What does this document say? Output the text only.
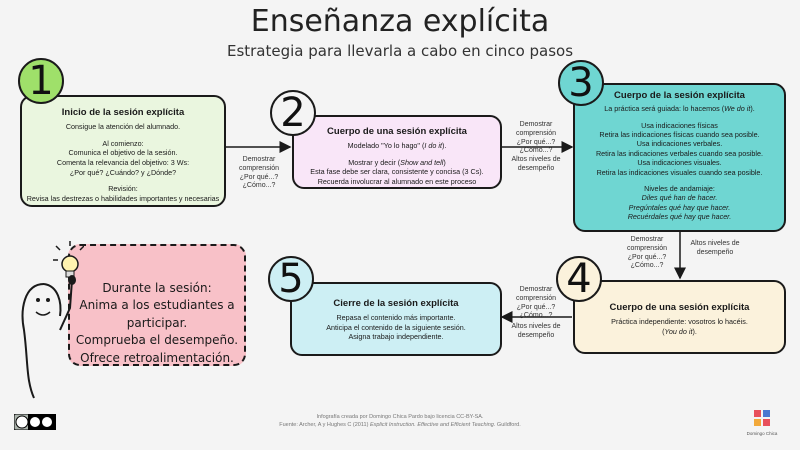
Enseñanza explícita
Estrategia para llevarla a cabo en cinco pasos
Inicio de la sesión explícita

Consigue la atención del alumnado.

Al comienzo:

Comunica el objetivo de la sesión.

Comenta la relevancia del objetivo: 3 Ws:

¿Por qué? ¿Cuándo? y ¿Dónde?

Revisión:

Revisa las destrezas o habilidades importantes y necesarias

1
Demostrar
comprensión
¿Por qué...?
¿Cómo...?
Cuerpo de una sesión explícita

Modelado "Yo lo hago" (I do it).

Mostrar y decir (Show and tell)

Esta fase debe ser clara, consistente y concisa (3 Cs).

Recuerda involucrar al alumnado en este proceso

2	Demostrar
comprensión
¿Por qué...?
¿Cómo...?
Altos niveles de
desempeño
Cuerpo de la sesión explícita

La práctica será guiada: lo hacemos (We do it).

Usa indicaciones físicas

Retira las indicaciones físicas cuando sea posible.

Usa indicaciones verbales.

Retira las indicaciones verbales cuando sea posible.

Usa indicaciones visuales.

Retira las indicaciones visuales cuando sea posible.

Niveles de andamiaje:

Diles qué han de hacer.

Pregúntales qué hay que hacer.

Recuérdales qué hay que hacer.

3
Demostrar
comprensión
¿Por qué...?
¿Cómo...?
Altos niveles de
desempeño
Cuerpo de una sesión explícita

Práctica independiente: vosotros lo hacéis.

(You do it).

4
Demostrar
comprensión
¿Por qué...?
¿Cómo...?
Altos niveles de
desempeño
Cierre de la sesión explícita

Repasa el contenido más importante.

Anticipa el contenido de la siguiente sesión.

Asigna trabajo independiente.

5
Durante la sesión:
Anima a los estudiantes a
participar.
Comprueba el desempeño.
Ofrece retroalimentación.
Infografía creada por Domingo Chica Pardo bajo licencia CC-BY-SA.
Fuente: Archer, A y Hughes C (2011) Explicit Instruction. Effective and Efficient Teaching. Guildford.
Domingo Chica
